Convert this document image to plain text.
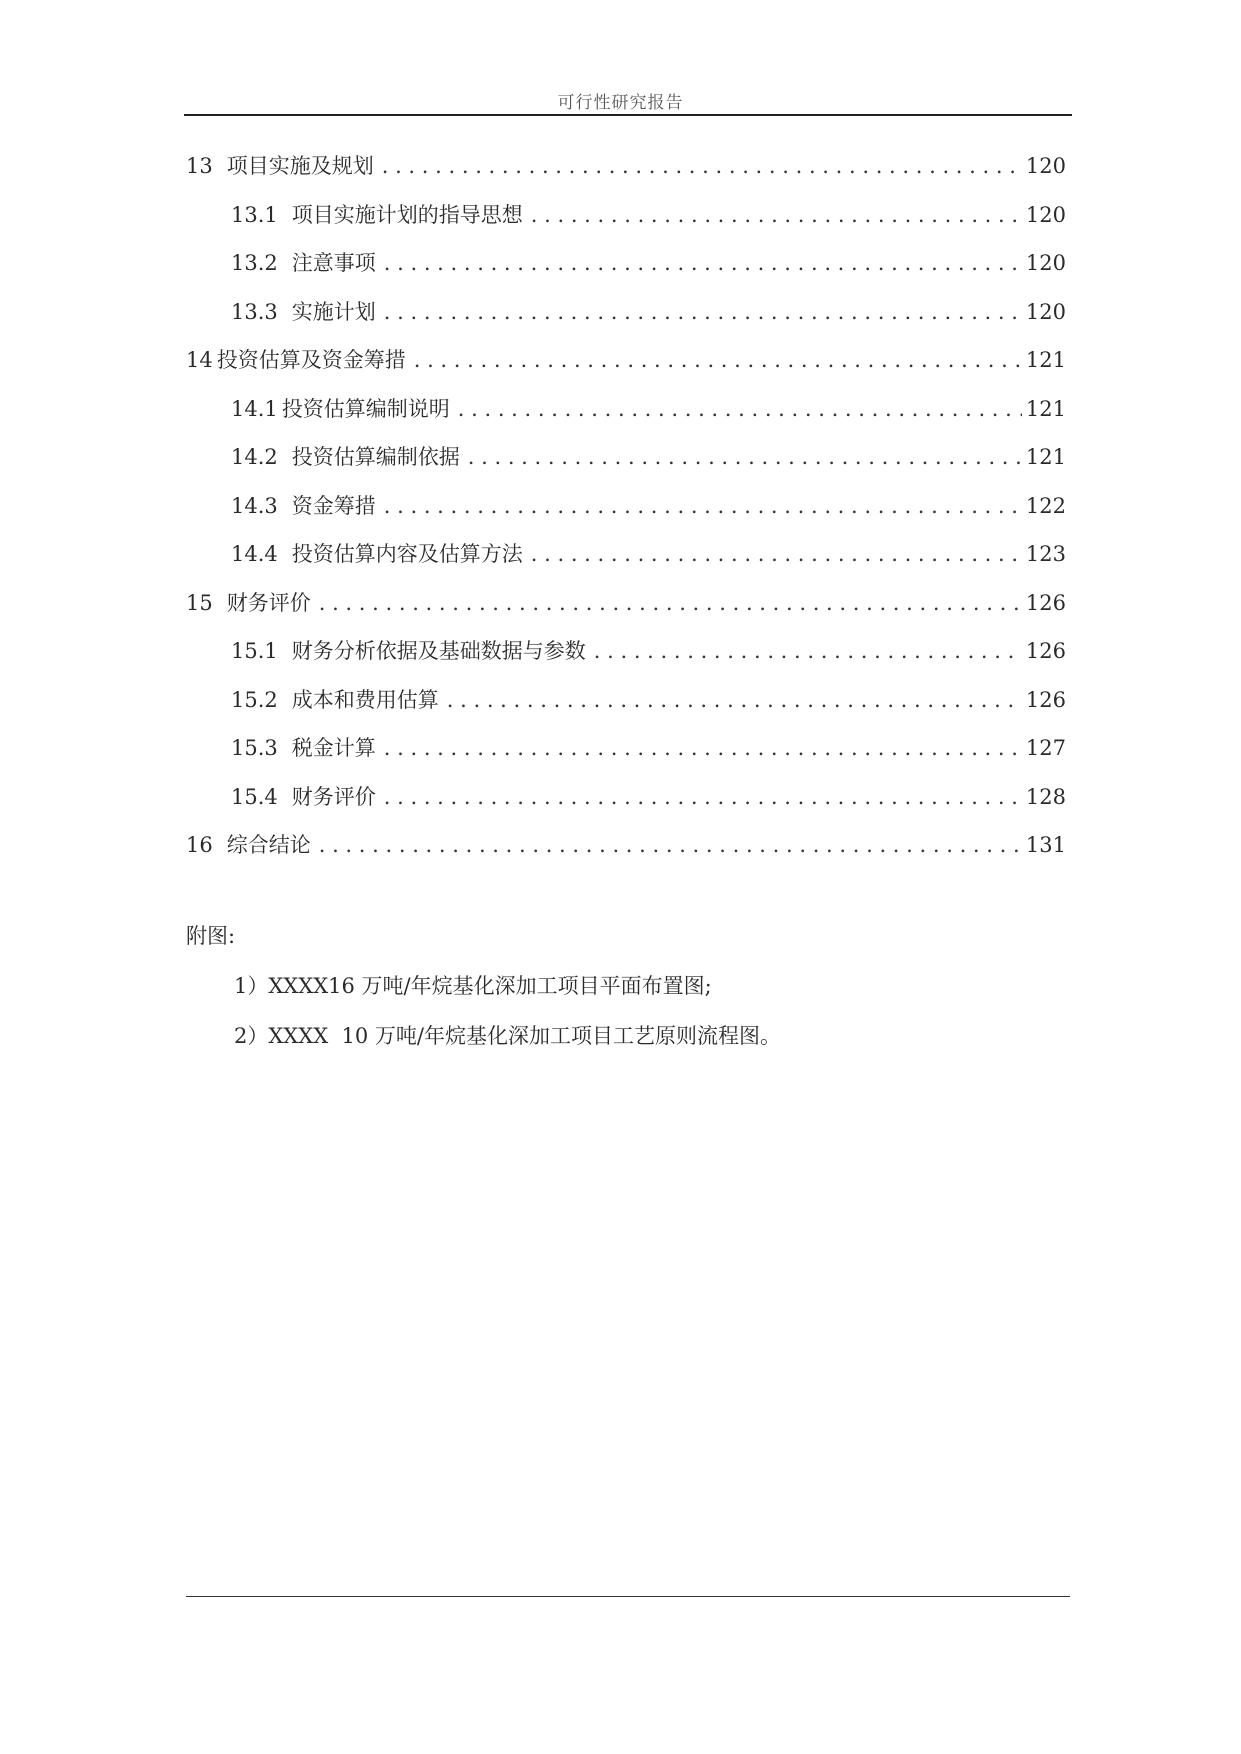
可行性研究报告
13 项目实施及规划 . . .	120
13.1 项目实施计划的指导思想 . . .	120
13.2 注意事项 . . .	120
13.3 实施计划 . . .	120
14 投资估算及资金筹措 . . .	121
14.1 投资估算编制说明 . . .	121
14.2 投资估算编制依据 . . .	121
14.3 资金筹措 . . .	122
14.4 投资估算内容及估算方法 . . .	123
15 财务评价 . . .	126
15.1 财务分析依据及基础数据与参数 . . .	126
15.2 成本和费用估算 . . .	126
15.3 税金计算 . . .	127
15.4 财务评价 . . .	128
16 综合结论 . . .	131
附图:
1）XXXX16 万吨/年烷基化深加工项目平面布置图;
2）XXXX  10 万吨/年烷基化深加工项目工艺原则流程图。
